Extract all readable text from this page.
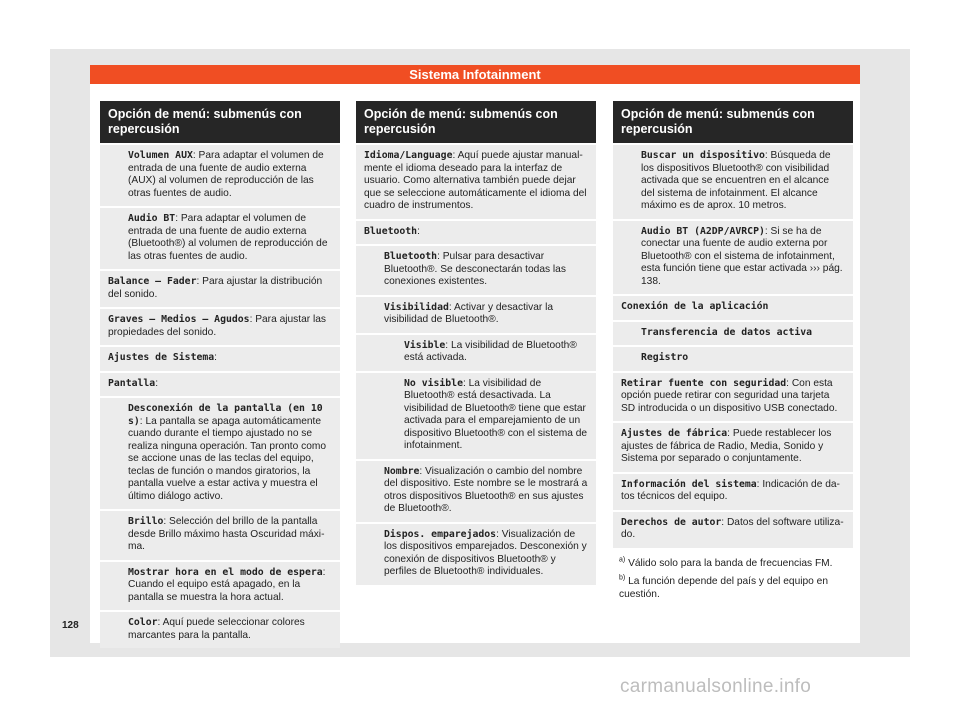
Sistema Infotainment
Opción de menú: submenús con repercusión
Volumen AUX: Para adaptar el volumen de entrada de una fuente de audio externa (AUX) al volumen de reproducción de las otras fuentes de audio.
Audio BT: Para adaptar el volumen de entrada de una fuente de audio externa (Bluetooth®) al volumen de reproducción de las otras fuentes de audio.
Balance – Fader: Para ajustar la distribución del sonido.
Graves – Medios – Agudos: Para ajustar las propiedades del sonido.
Ajustes de Sistema:
Pantalla:
Desconexión de la pantalla (en 10 s): La pantalla se apaga automáticamente cuando durante el tiempo ajustado no se realiza ninguna operación. Tan pronto como se accione unas de las teclas del equipo, teclas de función o mandos giratorios, la pantalla vuelve a estar activa y muestra el último diálogo activo.
Brillo: Selección del brillo de la pantalla desde Brillo máximo hasta Oscuridad máxima.
Mostrar hora en el modo de espera: Cuando el equipo está apagado, en la pantalla se muestra la hora actual.
Color: Aquí puede seleccionar colores marcantes para la pantalla.
Opción de menú: submenús con repercusión
Idioma/Language: Aquí puede ajustar manualmente el idioma deseado para la interfaz de usuario. Como alternativa también puede dejar que se seleccione automáticamente el idioma del cuadro de instrumentos.
Bluetooth:
Bluetooth: Pulsar para desactivar Bluetooth®. Se desconectarán todas las conexiones existentes.
Visibilidad: Activar y desactivar la visibilidad de Bluetooth®.
Visible: La visibilidad de Bluetooth® está activada.
No visible: La visibilidad de Bluetooth® está desactivada. La visibilidad de Bluetooth® tiene que estar activada para el emparejamiento de un dispositivo Bluetooth® con el sistema de infotainment.
Nombre: Visualización o cambio del nombre del dispositivo. Este nombre se le mostrará a otros dispositivos Bluetooth® en sus ajustes de Bluetooth®.
Dispos. emparejados: Visualización de los dispositivos emparejados. Desconexión y conexión de dispositivos Bluetooth® y perfiles de Bluetooth® individuales.
Opción de menú: submenús con repercusión
Buscar un dispositivo: Búsqueda de los dispositivos Bluetooth® con visibilidad activada que se encuentren en el alcance del sistema de infotainment. El alcance máximo es de aprox. 10 metros.
Audio BT (A2DP/AVRCP): Si se ha de conectar una fuente de audio externa por Bluetooth® con el sistema de infotainment, esta función tiene que estar activada ››› pág. 138.
Conexión de la aplicación
Transferencia de datos activa
Registro
Retirar fuente con seguridad: Con esta opción puede retirar con seguridad una tarjeta SD introducida o un dispositivo USB conectado.
Ajustes de fábrica: Puede restablecer los ajustes de fábrica de Radio, Media, Sonido y Sistema por separado o conjuntamente.
Información del sistema: Indicación de datos técnicos del equipo.
Derechos de autor: Datos del software utilizado.

$^{a)}$ Válido solo para la banda de frecuencias FM.

$^{b)}$ La función depende del país y del equipo en cuestión.

128
carmanualsonline.info
